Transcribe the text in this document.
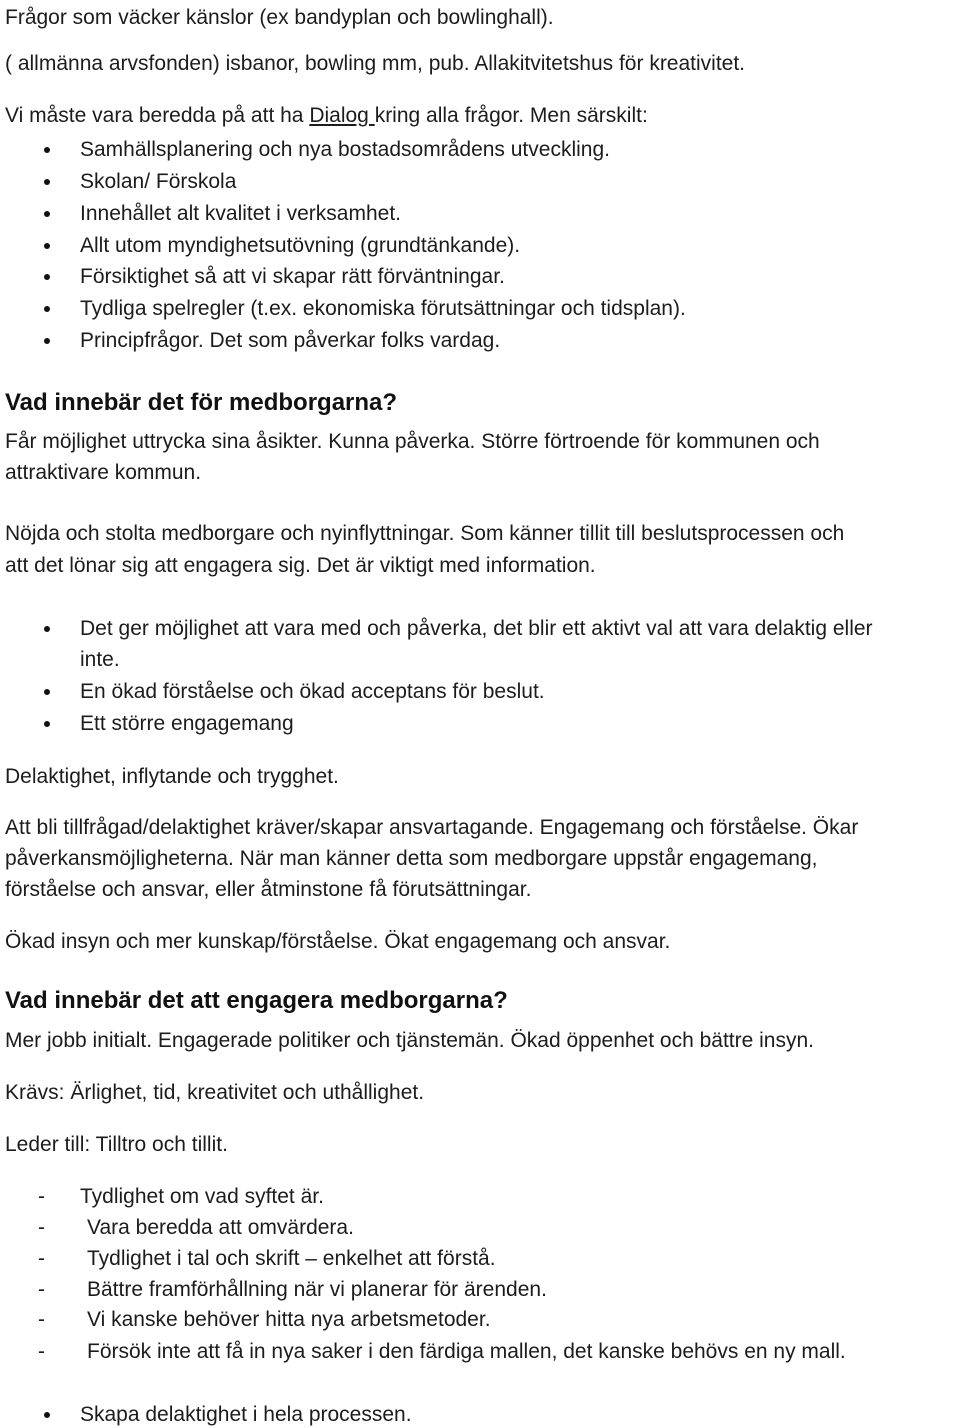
Frågor som väcker känslor (ex bandyplan och bowlinghall).
( allmänna arvsfonden) isbanor, bowling mm, pub. Allakitvitetshus för kreativitet.
Vi måste vara beredda på att ha Dialog kring alla frågor. Men särskilt:
Samhällsplanering och nya bostadsområdens utveckling.
Skolan/ Förskola
Innehållet alt kvalitet i verksamhet.
Allt utom myndighetsutövning (grundtänkande).
Försiktighet så att vi skapar rätt förväntningar.
Tydliga spelregler (t.ex. ekonomiska förutsättningar och tidsplan).
Principfrågor. Det som påverkar folks vardag.
Vad innebär det för medborgarna?
Får möjlighet uttrycka sina åsikter. Kunna påverka. Större förtroende för kommunen och
attraktivare kommun.
Nöjda och stolta medborgare och nyinflyttningar. Som känner tillit till beslutsprocessen och
att det lönar sig att engagera sig. Det är viktigt med information.
Det ger möjlighet att vara med och påverka, det blir ett aktivt val att vara delaktig eller
inte.
En ökad förståelse och ökad acceptans för beslut.
Ett större engagemang
Delaktighet, inflytande och trygghet.
Att bli tillfrågad/delaktighet kräver/skapar ansvartagande. Engagemang och förståelse. Ökar
påverkansmöjligheterna. När man känner detta som medborgare uppstår engagemang,
förståelse och ansvar, eller åtminstone få förutsättningar.
Ökad insyn och mer kunskap/förståelse. Ökat engagemang och ansvar.
Vad innebär det att engagera medborgarna?
Mer jobb initialt. Engagerade politiker och tjänstemän. Ökad öppenhet och bättre insyn.
Krävs: Ärlighet, tid, kreativitet och uthållighet.
Leder till: Tilltro och tillit.
- Tydlighet om vad syftet är.
- Vara beredda att omvärdera.
- Tydlighet i tal och skrift – enkelhet att förstå.
- Bättre framförhållning när vi planerar för ärenden.
- Vi kanske behöver hitta nya arbetsmetoder.
- Försök inte att få in nya saker i den färdiga mallen, det kanske behövs en ny mall.
Skapa delaktighet i hela processen.
